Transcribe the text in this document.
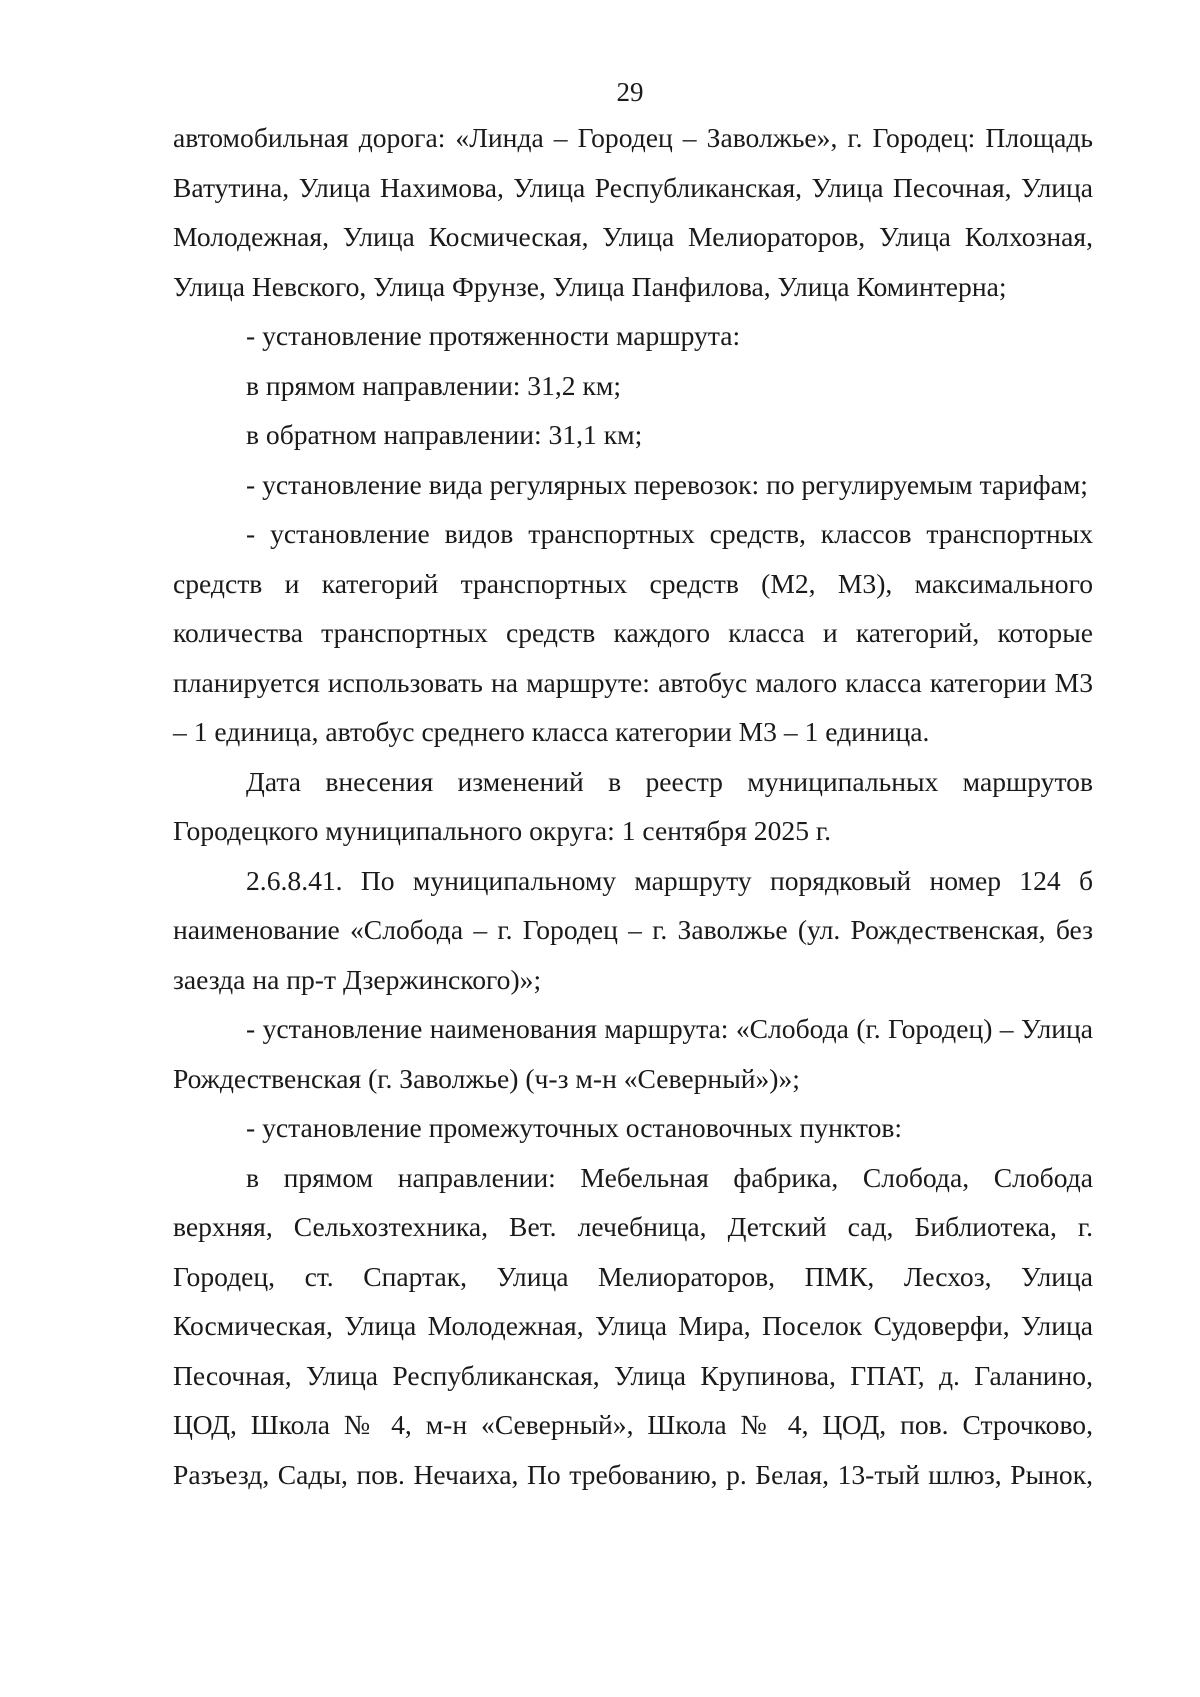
29

автомобильная дорога: «Линда – Городец – Заволжье», г. Городец: Площадь Ватутина, Улица Нахимова, Улица Республиканская, Улица Песочная, Улица Молодежная, Улица Космическая, Улица Мелиораторов, Улица Колхозная, Улица Невского, Улица Фрунзе, Улица Панфилова, Улица Коминтерна;

- установление протяженности маршрута:

в прямом направлении: 31,2 км;

в обратном направлении: 31,1 км;

- установление вида регулярных перевозок: по регулируемым тарифам;

- установление видов транспортных средств, классов транспортных средств и категорий транспортных средств (М2, М3), максимального количества транспортных средств каждого класса и категорий, которые планируется использовать на маршруте: автобус малого класса категории М3 – 1 единица, автобус среднего класса категории М3 – 1 единица.

Дата внесения изменений в реестр муниципальных маршрутов Городецкого муниципального округа: 1 сентября 2025 г.

2.6.8.41. По муниципальному маршруту порядковый номер 124 б наименование «Слобода – г. Городец – г. Заволжье (ул. Рождественская, без заезда на пр-т Дзержинского)»;

- установление наименования маршрута: «Слобода (г. Городец) – Улица Рождественская (г. Заволжье) (ч-з м-н «Северный»)»;

- установление промежуточных остановочных пунктов:

в прямом направлении: Мебельная фабрика, Слобода, Слобода верхняя, Сельхозтехника, Вет. лечебница, Детский сад, Библиотека, г. Городец, ст. Спартак, Улица Мелиораторов, ПМК, Лесхоз, Улица Космическая, Улица Молодежная, Улица Мира, Поселок Судоверфи, Улица Песочная, Улица Республиканская, Улица Крупинова, ГПАТ, д. Галанино, ЦОД, Школа № 4, м-н «Северный», Школа № 4, ЦОД, пов. Строчково, Разъезд, Сады, пов. Нечаиха, По требованию, р. Белая, 13-тый шлюз, Рынок,
